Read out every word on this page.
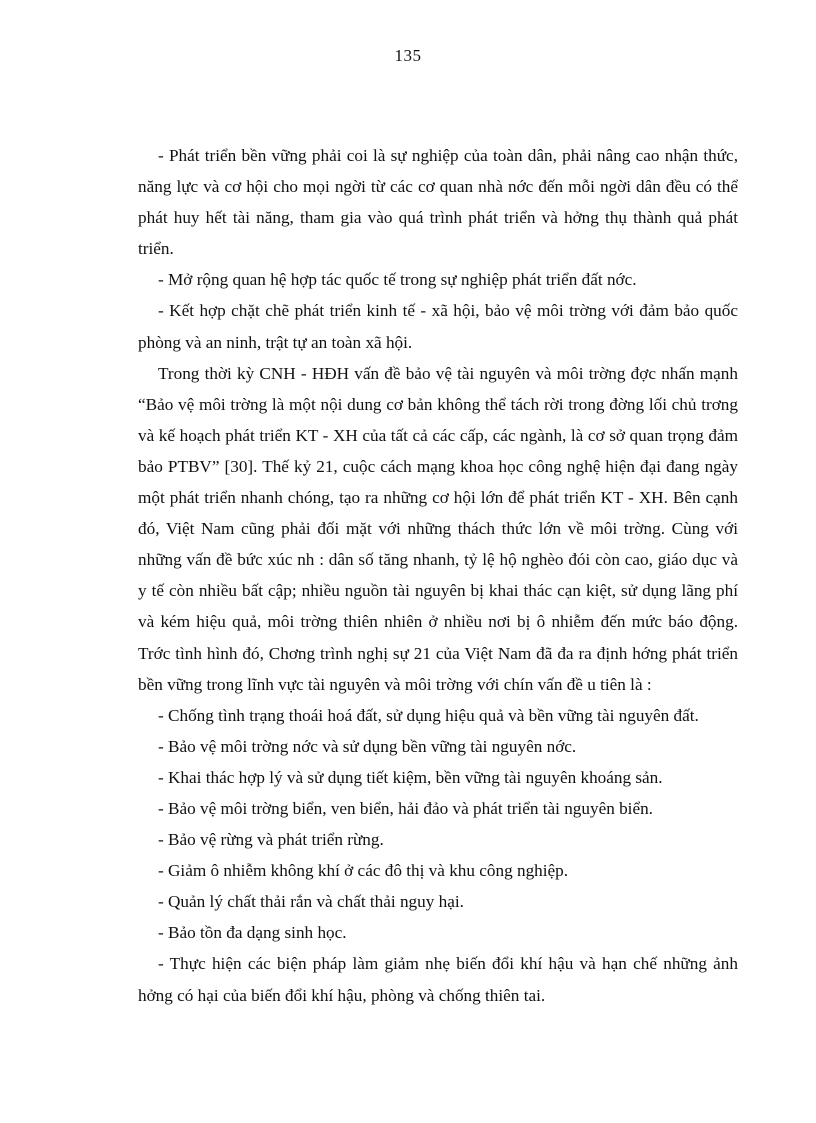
135

- Phát triển bền vững phải coi là sự nghiệp của toàn dân, phải nâng cao nhận thức, năng lực và cơ hội cho mọi ngời từ các cơ quan nhà nớc đến mỗi ngời dân đều có thể phát huy hết tài năng, tham gia vào quá trình phát triển và hởng thụ thành quả phát triển.

- Mở rộng quan hệ hợp tác quốc tế trong sự nghiệp phát triển đất nớc.

- Kết hợp chặt chẽ phát triển kinh tế - xã hội, bảo vệ môi trờng với đảm bảo quốc phòng và an ninh, trật tự an toàn xã hội.

Trong thời kỳ CNH - HĐH vấn đề bảo vệ tài nguyên và môi trờng đợc nhấn mạnh “Bảo vệ môi trờng là một nội dung cơ bản không thể tách rời trong đờng lối chủ trơng và kế hoạch phát triển KT - XH của tất cả các cấp, các ngành, là cơ sở quan trọng đảm bảo PTBV” [30]. Thế kỷ 21, cuộc cách mạng khoa học công nghệ hiện đại đang ngày một phát triển nhanh chóng, tạo ra những cơ hội lớn để phát triển KT - XH. Bên cạnh đó, Việt Nam cũng phải đối mặt với những thách thức lớn về môi trờng. Cùng với những vấn đề bức xúc nh : dân số tăng nhanh, tỷ lệ hộ nghèo đói còn cao, giáo dục và y tế còn nhiều bất cập; nhiều nguồn tài nguyên bị khai thác cạn kiệt, sử dụng lãng phí và kém hiệu quả, môi trờng thiên nhiên ở nhiều nơi bị ô nhiễm đến mức báo động. Trớc tình hình đó, Chơng trình nghị sự 21 của Việt Nam đã đa ra định hớng phát triển bền vững trong lĩnh vực tài nguyên và môi trờng với chín vấn đề u tiên là :

- Chống tình trạng thoái hoá đất, sử dụng hiệu quả và bền vững tài nguyên đất.

- Bảo vệ môi trờng nớc và sử dụng bền vững tài nguyên nớc.

- Khai thác hợp lý và sử dụng tiết kiệm, bền vững tài nguyên khoáng sản.

- Bảo vệ môi trờng biển, ven biển, hải đảo và phát triển tài nguyên biển.

- Bảo vệ rừng và phát triển rừng.

- Giảm ô nhiễm không khí ở các đô thị và khu công nghiệp.

- Quản lý chất thải rắn và chất thải nguy hại.

- Bảo tồn đa dạng sinh học.

- Thực hiện các biện pháp làm giảm nhẹ biến đổi khí hậu và hạn chế những ảnh hởng có hại của biến đổi khí hậu, phòng và chống thiên tai.
